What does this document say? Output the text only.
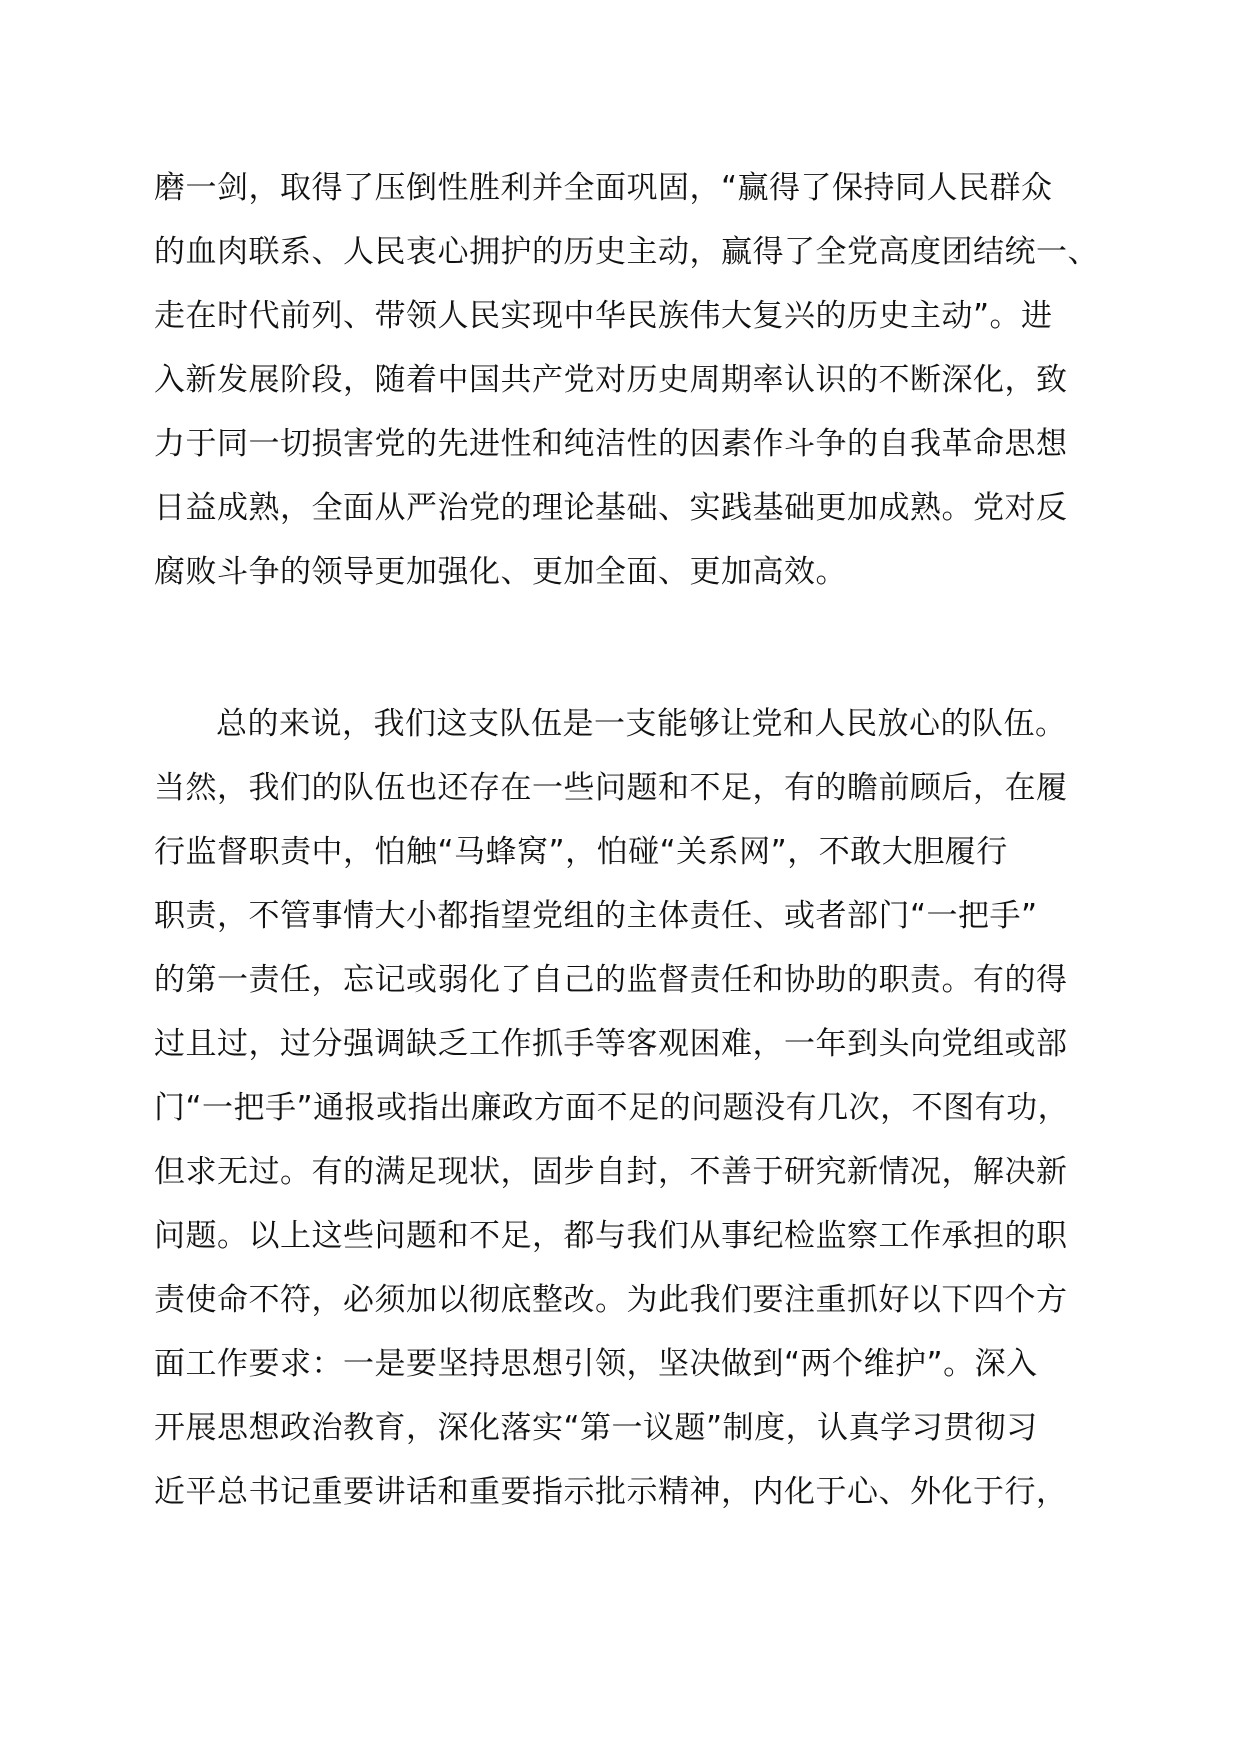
磨一剑，取得了压倒性胜利并全面巩固，“赢得了保持同人民群众
的血肉联系、人民衷心拥护的历史主动，赢得了全党高度团结统一、
走在时代前列、带领人民实现中华民族伟大复兴的历史主动”。进
入新发展阶段，随着中国共产党对历史周期率认识的不断深化，致
力于同一切损害党的先进性和纯洁性的因素作斗争的自我革命思想
日益成熟，全面从严治党的理论基础、实践基础更加成熟。党对反
腐败斗争的领导更加强化、更加全面、更加高效。
总的来说，我们这支队伍是一支能够让党和人民放心的队伍。
当然，我们的队伍也还存在一些问题和不足，有的瞻前顾后，在履
行监督职责中，怕触“马蜂窝”，怕碰“关系网”，不敢大胆履行
职责，不管事情大小都指望党组的主体责任、或者部门“一把手”
的第一责任，忘记或弱化了自己的监督责任和协助的职责。有的得
过且过，过分强调缺乏工作抓手等客观困难，一年到头向党组或部
门“一把手”通报或指出廉政方面不足的问题没有几次，不图有功，
但求无过。有的满足现状，固步自封，不善于研究新情况，解决新
问题。以上这些问题和不足，都与我们从事纪检监察工作承担的职
责使命不符，必须加以彻底整改。为此我们要注重抓好以下四个方
面工作要求：一是要坚持思想引领，坚决做到“两个维护”。深入
开展思想政治教育，深化落实“第一议题”制度，认真学习贯彻习
近平总书记重要讲话和重要指示批示精神，内化于心、外化于行，
